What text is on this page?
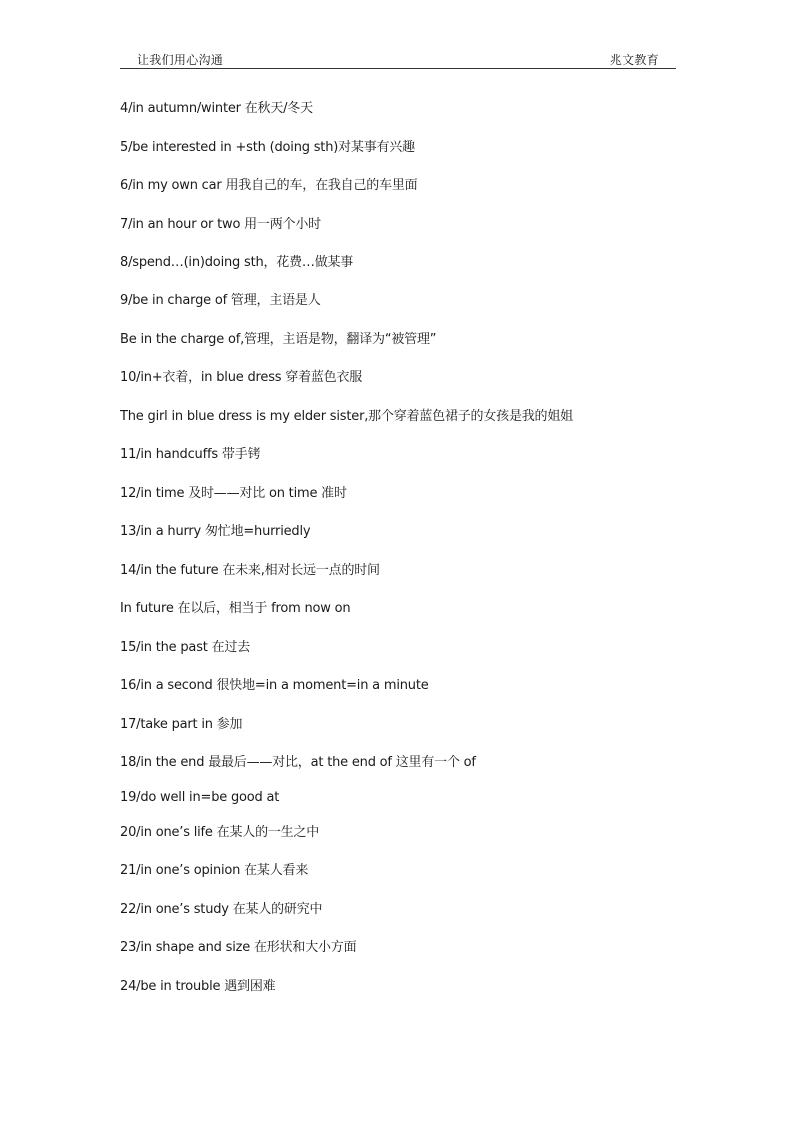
让我们用心沟通	兆文教育
4/in autumn/winter 在秋天/冬天
5/be interested in +sth (doing sth)对某事有兴趣
6/in my own car 用我自己的车，在我自己的车里面
7/in an hour or two 用一两个小时
8/spend…(in)doing sth，花费…做某事
9/be in charge of 管理，主语是人
Be in the charge of,管理，主语是物，翻译为“被管理”
10/in+衣着，in blue dress 穿着蓝色衣服
The girl in blue dress is my elder sister,那个穿着蓝色裙子的女孩是我的姐姐
11/in handcuffs 带手铐
12/in time 及时——对比 on time 准时
13/in a hurry 匆忙地=hurriedly
14/in the future 在未来,相对长远一点的时间
In future 在以后，相当于 from now on
15/in the past 在过去
16/in a second 很快地=in a moment=in a minute
17/take part in 参加
18/in the end 最最后——对比，at the end of 这里有一个 of
19/do well in=be good at
20/in one’s life 在某人的一生之中
21/in one’s opinion 在某人看来
22/in one’s study 在某人的研究中
23/in shape and size 在形状和大小方面
24/be in trouble 遇到困难
